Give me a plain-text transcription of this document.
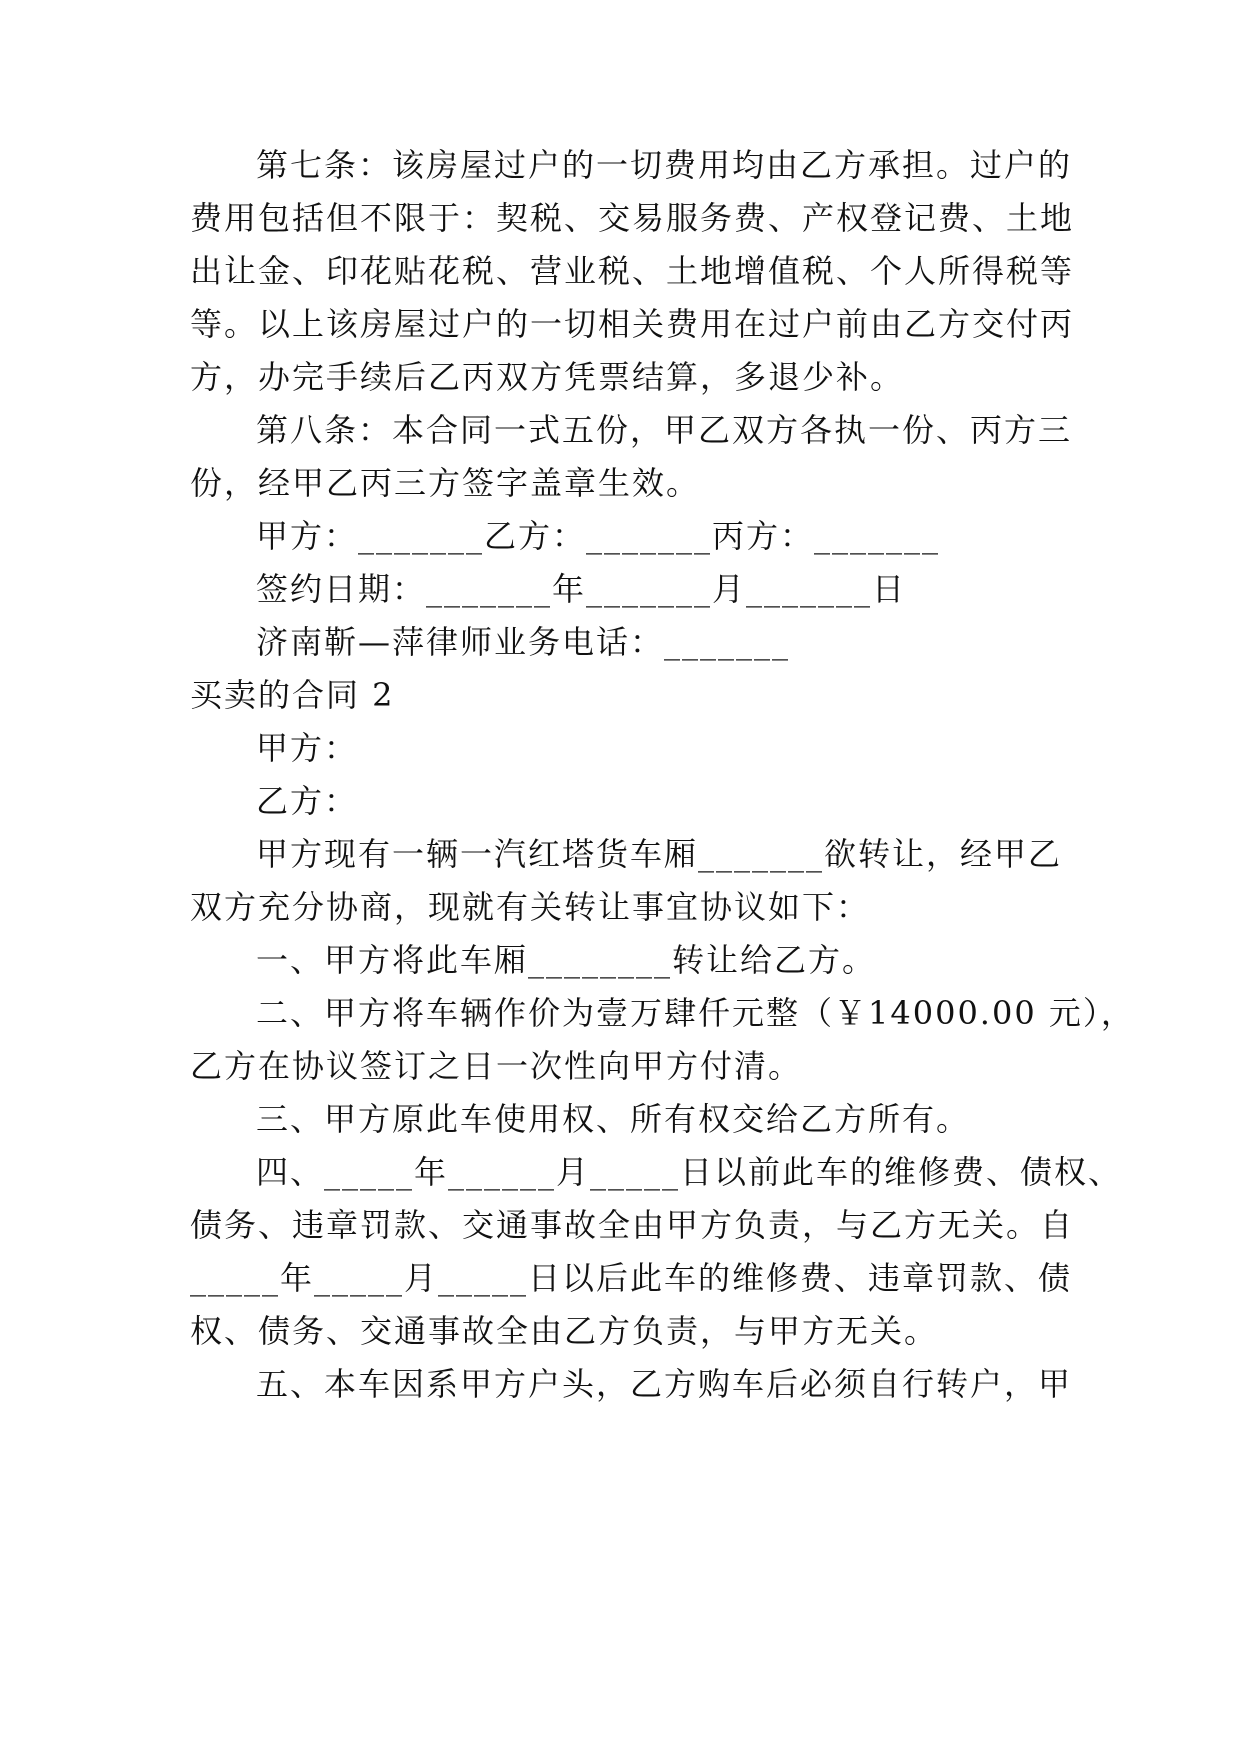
第七条：该房屋过户的一切费用均由乙方承担。过户的
费用包括但不限于：契税、交易服务费、产权登记费、土地
出让金、印花贴花税、营业税、土地增值税、个人所得税等
等。以上该房屋过户的一切相关费用在过户前由乙方交付丙
方，办完手续后乙丙双方凭票结算，多退少补。
第八条：本合同一式五份，甲乙双方各执一份、丙方三
份，经甲乙丙三方签字盖章生效。
甲方：_______乙方：_______丙方：_______
签约日期：_______年_______月_______日
济南靳—萍律师业务电话：_______
买卖的合同 2
甲方：
乙方：
甲方现有一辆一汽红塔货车厢_______欲转让，经甲乙
双方充分协商，现就有关转让事宜协议如下：
一、甲方将此车厢________转让给乙方。
二、甲方将车辆作价为壹万肆仟元整（￥14000.00 元），
乙方在协议签订之日一次性向甲方付清。
三、甲方原此车使用权、所有权交给乙方所有。
四、_____年______月_____日以前此车的维修费、债权、
债务、违章罚款、交通事故全由甲方负责，与乙方无关。自
_____年_____月_____日以后此车的维修费、违章罚款、债
权、债务、交通事故全由乙方负责，与甲方无关。
五、本车因系甲方户头，乙方购车后必须自行转户，甲
